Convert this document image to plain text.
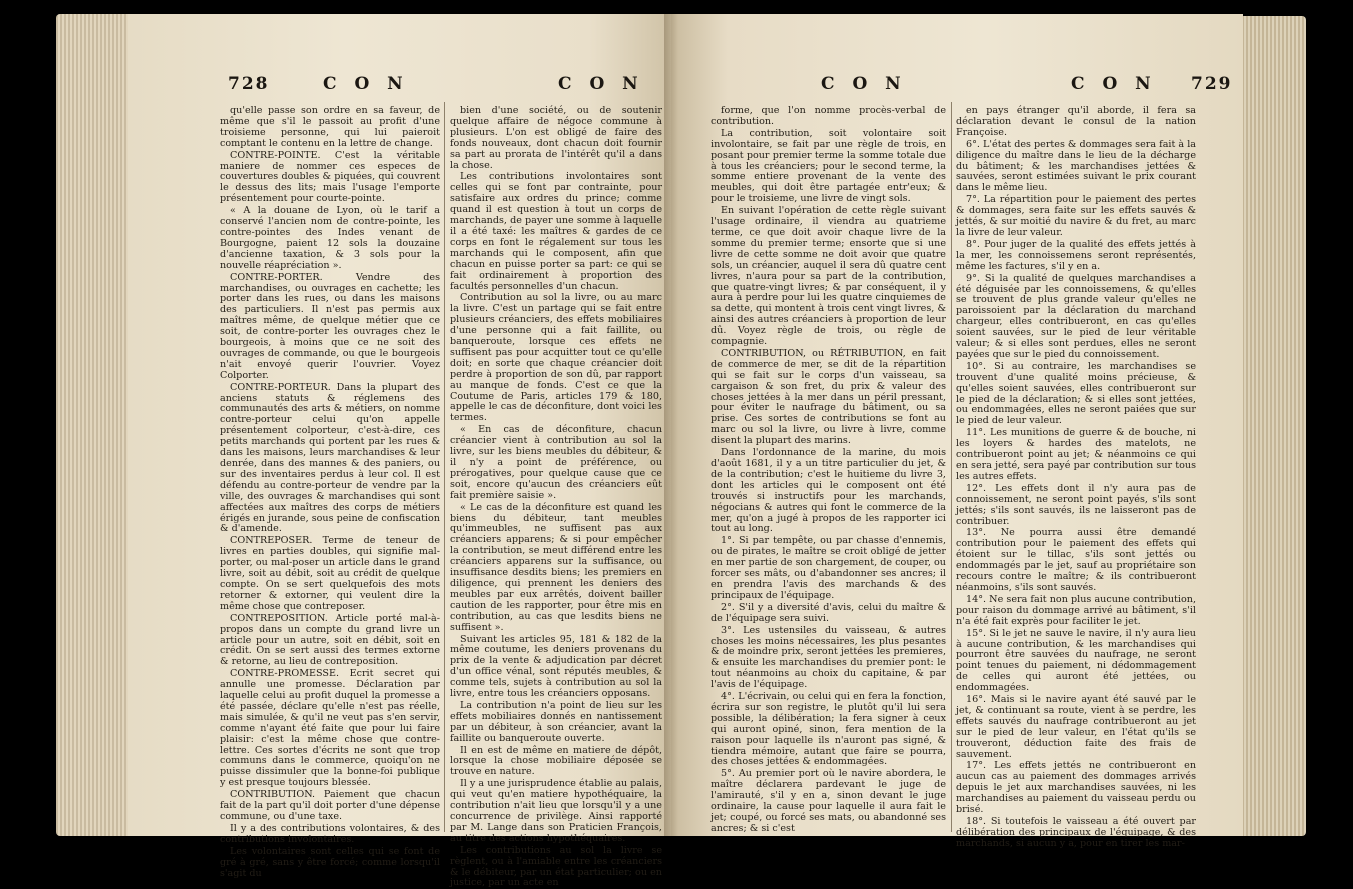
728	C O N	C O N

qu'elle passe son ordre en sa faveur, de même que s'il le passoit au profit d'une troisieme personne, qui lui paieroit comptant le contenu en la lettre de change.

CONTRE-POINTE. C'est la véritable maniere de nommer ces especes de couvertures doubles & piquées, qui couvrent le dessus des lits; mais l'usage l'emporte présentement pour courte-pointe.

« A la douane de Lyon, où le tarif a conservé l'ancien nom de contre-pointe, les contre-pointes des Indes venant de Bourgogne, paient 12 sols la douzaine d'ancienne taxation, & 3 sols pour la nouvelle réapréciation ».

CONTRE-PORTER. Vendre des marchandises, ou ouvrages en cachette; les porter dans les rues, ou dans les maisons des particuliers. Il n'est pas permis aux maîtres même, de quelque métier que ce soit, de contre-porter les ouvrages chez le bourgeois, à moins que ce ne soit des ouvrages de commande, ou que le bourgeois n'ait envoyé querir l'ouvrier. Voyez Colporter.

CONTRE-PORTEUR. Dans la plupart des anciens statuts & réglemens des communautés des arts & métiers, on nomme contre-porteur celui qu'on appelle présentement colporteur, c'est-à-dire, ces petits marchands qui portent par les rues & dans les maisons, leurs marchandises & leur denrée, dans des mannes & des paniers, ou sur des inventaires perdus à leur col. Il est défendu au contre-porteur de vendre par la ville, des ouvrages & marchandises qui sont affectées aux maîtres des corps de métiers érigés en jurande, sous peine de confiscation & d'amende.

CONTREPOSER. Terme de teneur de livres en parties doubles, qui signifie mal-porter, ou mal-poser un article dans le grand livre, soit au débit, soit au crédit de quelque compte. On se sert quelquefois des mots retorner & extorner, qui veulent dire la même chose que contreposer.

CONTREPOSITION. Article porté mal-à-propos dans un compte du grand livre un article pour un autre, soit en débit, soit en crédit. On se sert aussi des termes extorne & retorne, au lieu de contreposition.

CONTRE-PROMESSE. Ecrit secret qui annulle une promesse. Déclaration par laquelle celui au profit duquel la promesse a été passée, déclare qu'elle n'est pas réelle, mais simulée, & qu'il ne veut pas s'en servir, comme n'ayant été faite que pour lui faire plaisir: c'est la même chose que contre-lettre. Ces sortes d'écrits ne sont que trop communs dans le commerce, quoiqu'on ne puisse dissimuler que la bonne-foi publique y est presque toujours blessée.

CONTRIBUTION. Paiement que chacun fait de la part qu'il doit porter d'une dépense commune, ou d'une taxe.

Il y a des contributions volontaires, & des contributions involontaires.

Les volontaires sont celles qui se font de gré à gré, sans y être forcé; comme lorsqu'il s'agit du

bien d'une société, ou de soutenir quelque affaire de négoce commune à plusieurs. L'on est obligé de faire des fonds nouveaux, dont chacun doit fournir sa part au prorata de l'intérêt qu'il a dans la chose.

Les contributions involontaires sont celles qui se font par contrainte, pour satisfaire aux ordres du prince; comme quand il est question à tout un corps de marchands, de payer une somme à laquelle il a été taxé: les maîtres & gardes de ce corps en font le régalement sur tous les marchands qui le composent, afin que chacun en puisse porter sa part: ce qui se fait ordinairement à proportion des facultés personnelles d'un chacun.

Contribution au sol la livre, ou au marc la livre. C'est un partage qui se fait entre plusieurs créanciers, des effets mobiliaires d'une personne qui a fait faillite, ou banqueroute, lorsque ces effets ne suffisent pas pour acquitter tout ce qu'elle doit; en sorte que chaque créancier doit perdre à proportion de son dû, par rapport au manque de fonds. C'est ce que la Coutume de Paris, articles 179 & 180, appelle le cas de déconfiture, dont voici les termes.

« En cas de déconfiture, chacun créancier vient à contribution au sol la livre, sur les biens meubles du débiteur, & il n'y a point de préférence, ou prérogatives, pour quelque cause que ce soit, encore qu'aucun des créanciers eût fait première saisie ».

« Le cas de la déconfiture est quand les biens du débiteur, tant meubles qu'immeubles, ne suffisent pas aux créanciers apparens; & si pour empêcher la contribution, se meut différend entre les créanciers apparens sur la suffisance, ou insuffisance desdits biens; les premiers en diligence, qui prennent les deniers des meubles par eux arrêtés, doivent bailler caution de les rapporter, pour être mis en contribution, au cas que lesdits biens ne suffisent ».

Suivant les articles 95, 181 & 182 de la même coutume, les deniers provenans du prix de la vente & adjudication par décret d'un office vénal, sont réputés meubles, & comme tels, sujets à contribution au sol la livre, entre tous les créanciers opposans.

La contribution n'a point de lieu sur les effets mobiliaires donnés en nantissement par un débiteur, à son créancier, avant la faillite ou banqueroute ouverte.

Il en est de même en matiere de dépôt, lorsque la chose mobiliaire déposée se trouve en nature.

Il y a une jurisprudence établie au palais, qui veut qu'en matiere hypothéquaire, la contribution n'ait lieu que lorsqu'il y a une concurrence de privilège. Ainsi rapporté par M. Lange dans son Praticien François, au titre des actions hypothéquaires.

Les contributions au sol la livre se règlent, ou à l'amiable entre les créanciers & le débiteur, par un état particulier; ou en justice, par un acte en

C O N	C O N 729

forme, que l'on nomme procès-verbal de contribution.

La contribution, soit volontaire soit involontaire, se fait par une règle de trois, en posant pour premier terme la somme totale due à tous les créanciers; pour le second terme, la somme entiere provenant de la vente des meubles, qui doit être partagée entr'eux; & pour le troisieme, une livre de vingt sols.

En suivant l'opération de cette règle suivant l'usage ordinaire, il viendra au quatrieme terme, ce que doit avoir chaque livre de la somme du premier terme; ensorte que si une livre de cette somme ne doit avoir que quatre sols, un créancier, auquel il sera dû quatre cent livres, n'aura pour sa part de la contribution, que quatre-vingt livres; & par conséquent, il y aura à perdre pour lui les quatre cinquiemes de sa dette, qui montent à trois cent vingt livres, & ainsi des autres créanciers à proportion de leur dû. Voyez règle de trois, ou règle de compagnie.

CONTRIBUTION, ou RÉTRIBUTION, en fait de commerce de mer, se dit de la répartition qui se fait sur le corps d'un vaisseau, sa cargaison & son fret, du prix & valeur des choses jettées à la mer dans un péril pressant, pour éviter le naufrage du bâtiment, ou sa prise. Ces sortes de contributions se font au marc ou sol la livre, ou livre à livre, comme disent la plupart des marins.

Dans l'ordonnance de la marine, du mois d'août 1681, il y a un titre particulier du jet, & de la contribution; c'est le huitieme du livre 3, dont les articles qui le composent ont été trouvés si instructifs pour les marchands, négocians & autres qui font le commerce de la mer, qu'on a jugé à propos de les rapporter ici tout au long.

1°. Si par tempête, ou par chasse d'ennemis, ou de pirates, le maître se croit obligé de jetter en mer partie de son chargement, de couper, ou forcer ses mâts, ou d'abandonner ses ancres; il en prendra l'avis des marchands & des principaux de l'équipage.

2°. S'il y a diversité d'avis, celui du maître & de l'équipage sera suivi.

3°. Les ustensiles du vaisseau, & autres choses les moins nécessaires, les plus pesantes & de moindre prix, seront jettées les premieres, & ensuite les marchandises du premier pont: le tout néanmoins au choix du capitaine, & par l'avis de l'équipage.

4°. L'écrivain, ou celui qui en fera la fonction, écrira sur son registre, le plutôt qu'il lui sera possible, la délibération; la fera signer à ceux qui auront opiné, sinon, fera mention de la raison pour laquelle ils n'auront pas signé, & tiendra mémoire, autant que faire se pourra, des choses jettées & endommagées.

5°. Au premier port où le navire abordera, le maître déclarera pardevant le juge de l'amirauté, s'il y en a, sinon devant le juge ordinaire, la cause pour laquelle il aura fait le jet; coupé, ou forcé ses mats, ou abandonné ses ancres; & si c'est

en pays étranger qu'il aborde, il fera sa déclaration devant le consul de la nation Françoise.

6°. L'état des pertes & dommages sera fait à la diligence du maître dans le lieu de la décharge du bâtiment; & les marchandises jettées & sauvées, seront estimées suivant le prix courant dans le même lieu.

7°. La répartition pour le paiement des pertes & dommages, sera faite sur les effets sauvés & jettés, & sur moitié du navire & du fret, au marc la livre de leur valeur.

8°. Pour juger de la qualité des effets jettés à la mer, les connoissemens seront représentés, même les factures, s'il y en a.

9°. Si la qualité de quelques marchandises a été déguisée par les connoissemens, & qu'elles se trouvent de plus grande valeur qu'elles ne paroissoient par la déclaration du marchand chargeur, elles contribueront, en cas qu'elles soient sauvées, sur le pied de leur véritable valeur; & si elles sont perdues, elles ne seront payées que sur le pied du connoissement.

10°. Si au contraire, les marchandises se trouvent d'une qualité moins précieuse, & qu'elles soient sauvées, elles contribueront sur le pied de la déclaration; & si elles sont jettées, ou endommagées, elles ne seront paiées que sur le pied de leur valeur.

11°. Les munitions de guerre & de bouche, ni les loyers & hardes des matelots, ne contribueront point au jet; & néanmoins ce qui en sera jetté, sera payé par contribution sur tous les autres effets.

12°. Les effets dont il n'y aura pas de connoissement, ne seront point payés, s'ils sont jettés; s'ils sont sauvés, ils ne laisseront pas de contribuer.

13°. Ne pourra aussi être demandé contribution pour le paiement des effets qui étoient sur le tillac, s'ils sont jettés ou endommagés par le jet, sauf au propriétaire son recours contre le maître; & ils contribueront néanmoins, s'ils sont sauvés.

14°. Ne sera fait non plus aucune contribution, pour raison du dommage arrivé au bâtiment, s'il n'a été fait exprès pour faciliter le jet.

15°. Si le jet ne sauve le navire, il n'y aura lieu à aucune contribution, & les marchandises qui pourront être sauvées du naufrage, ne seront point tenues du paiement, ni dédommagement de celles qui auront été jettées, ou endommagées.

16°. Mais si le navire ayant été sauvé par le jet, & continuant sa route, vient à se perdre, les effets sauvés du naufrage contribueront au jet sur le pied de leur valeur, en l'état qu'ils se trouveront, déduction faite des frais de sauvement.

17°. Les effets jettés ne contribueront en aucun cas au paiement des dommages arrivés depuis le jet aux marchandises sauvées, ni les marchandises au paiement du vaisseau perdu ou brisé.

18°. Si toutefois le vaisseau a été ouvert par délibération des principaux de l'équipage, & des marchands, si aucun y a, pour en tirer les mar-
